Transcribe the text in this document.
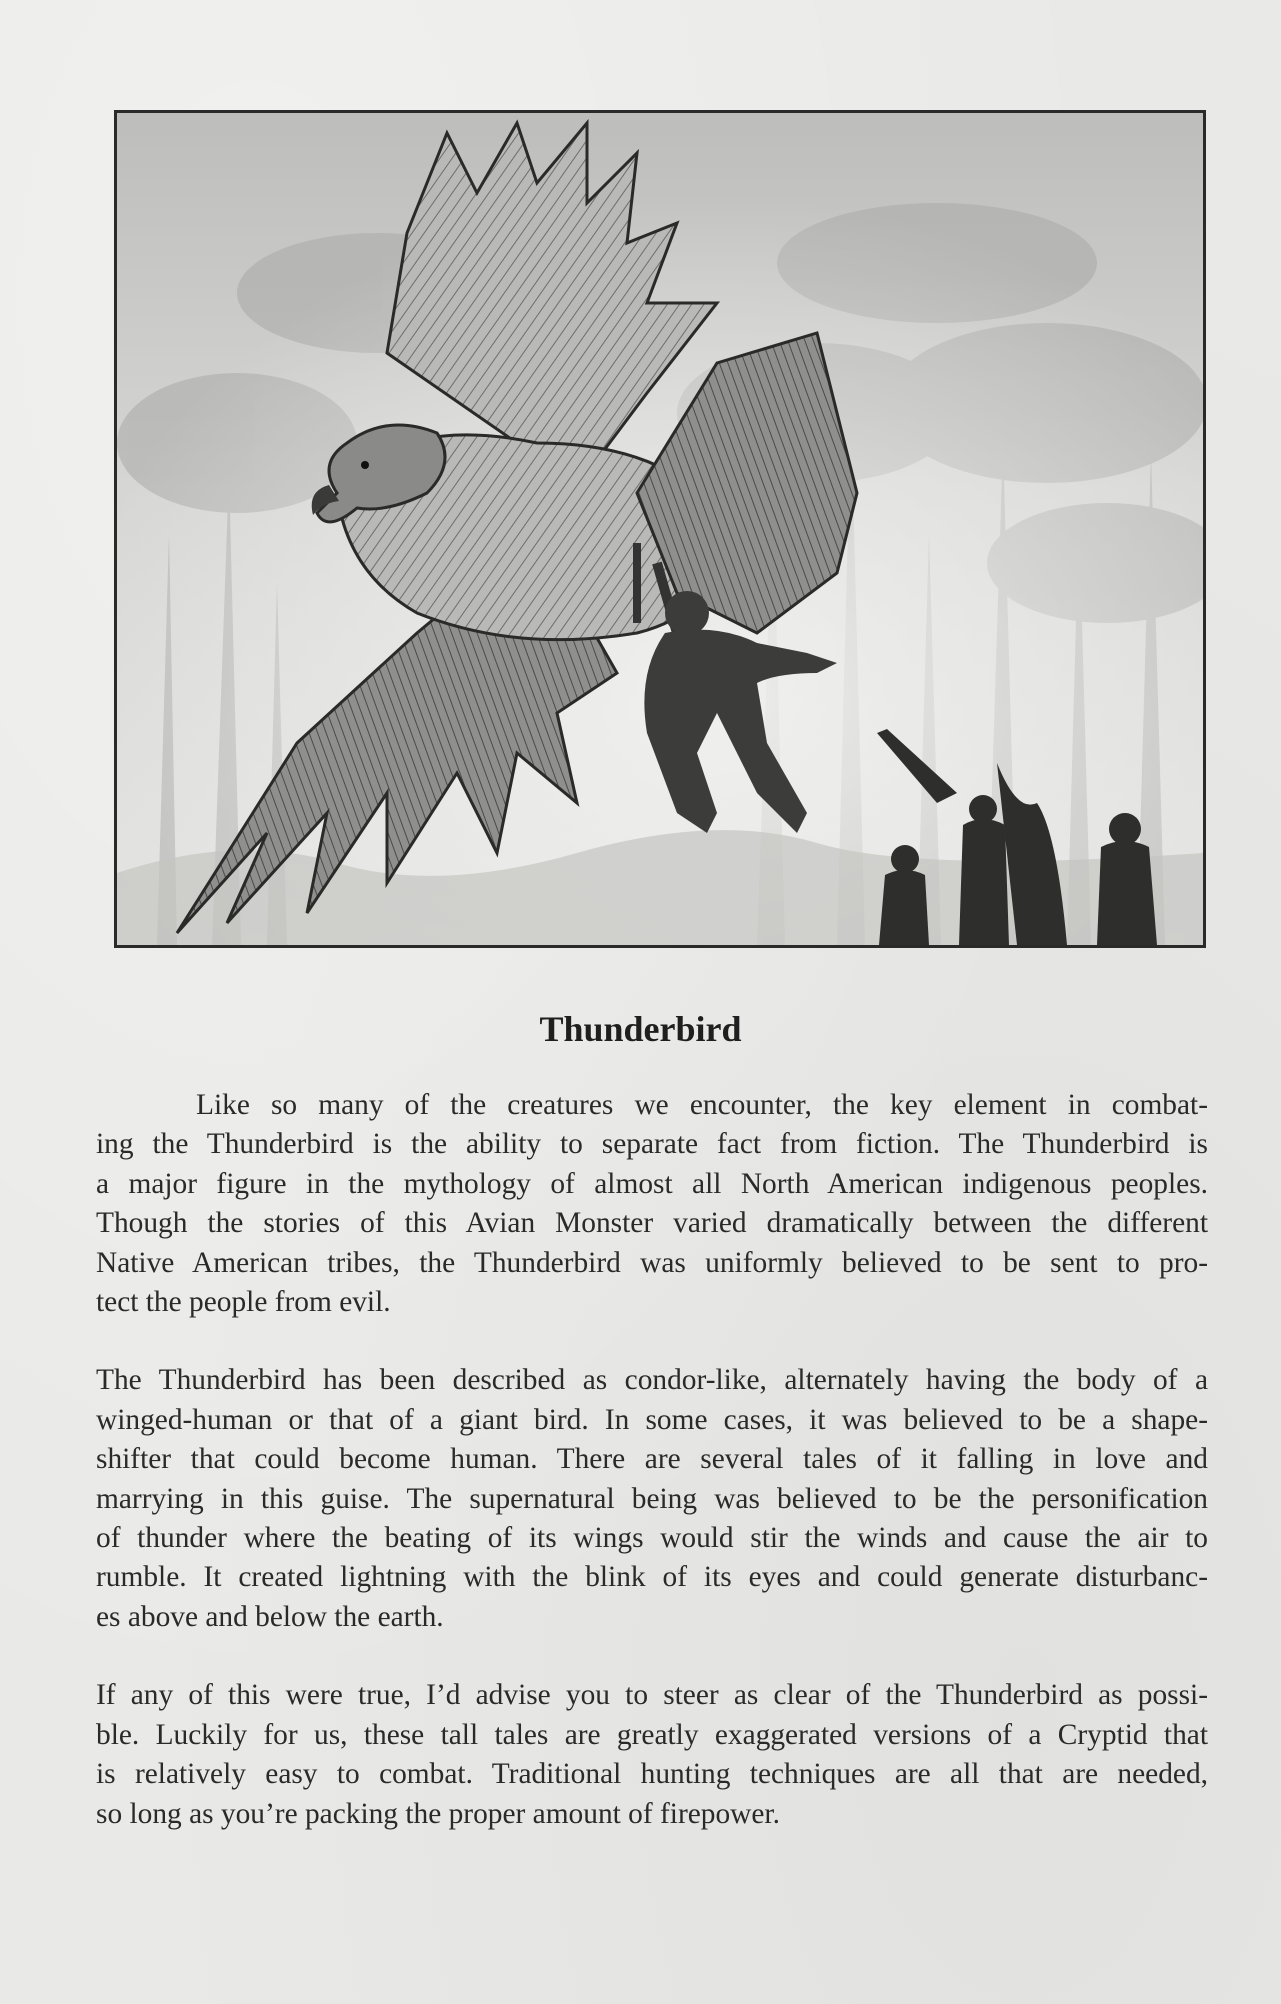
Thunderbird

Like so many of the creatures we encounter, the key element in combat-
ing the Thunderbird is the ability to separate fact from fiction. The Thunderbird is
a major figure in the mythology of almost all North American indigenous peoples.
Though the stories of this Avian Monster varied dramatically between the different
Native American tribes, the Thunderbird was uniformly believed to be sent to pro-
tect the people from evil.

The Thunderbird has been described as condor-like, alternately having the body of a
winged-human or that of a giant bird. In some cases, it was believed to be a shape-
shifter that could become human. There are several tales of it falling in love and
marrying in this guise. The supernatural being was believed to be the personification
of thunder where the beating of its wings would stir the winds and cause the air to
rumble. It created lightning with the blink of its eyes and could generate disturbanc-
es above and below the earth.

If any of this were true, I’d advise you to steer as clear of the Thunderbird as possi-
ble. Luckily for us, these tall tales are greatly exaggerated versions of a Cryptid that
is relatively easy to combat. Traditional hunting techniques are all that are needed,
so long as you’re packing the proper amount of firepower.
